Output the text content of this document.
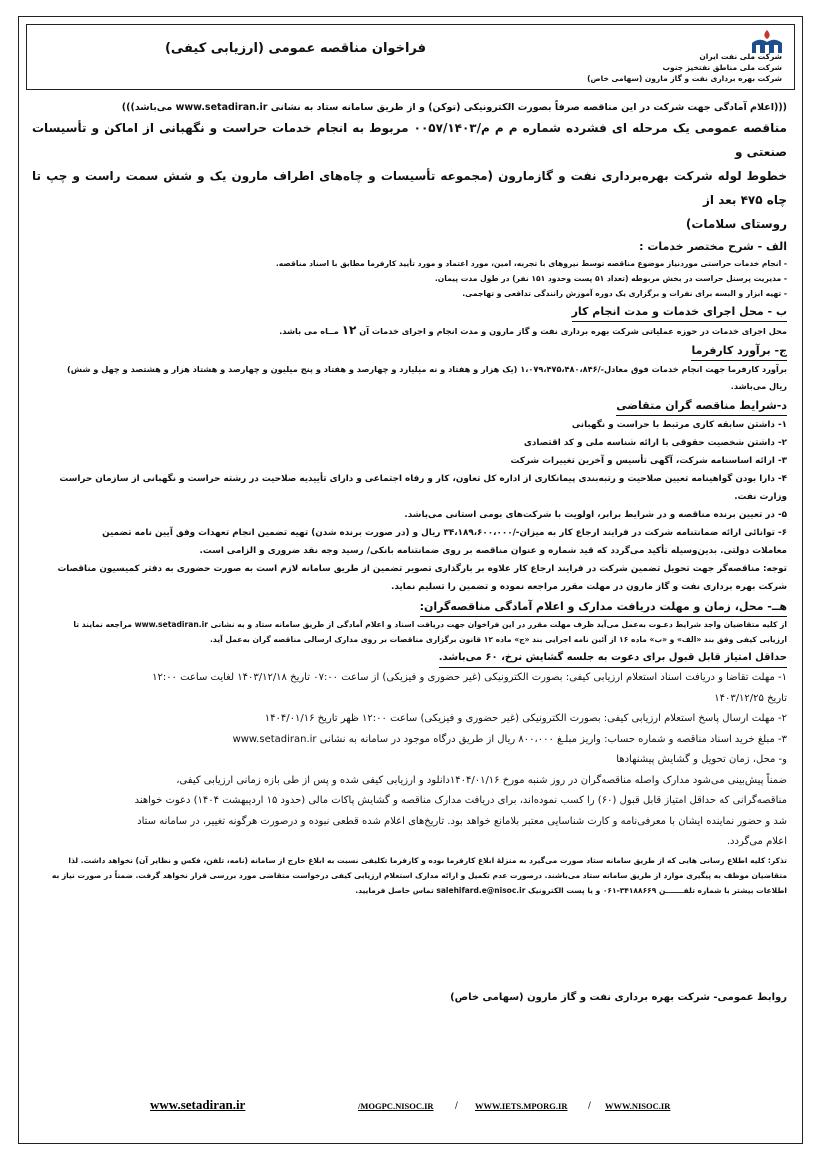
شرکت ملی نفت ایران
شرکت ملی مناطق نفتخیز جنوب
شرکت بهره برداری نفت و گاز مارون (سهامی خاص)
فراخوان مناقصه عمومی (ارزیابی کیفی)

(((اعلام آمادگی جهت شرکت در این مناقصه صرفاً بصورت الکترونیکی (توکن) و از طریق سامانه ستاد به نشانی www.setadiran.ir می‌باشد)))

مناقصه عمومی یک مرحله ای فشرده شماره م م م/۰۰۵۷/۱۴۰۳ مربوط به انجام خدمات حراست و نگهبانی از اماکن و تأسیسات صنعتی و

خطوط لوله شرکت بهره‌برداری نفت و گازمارون (مجموعه تأسیسات و چاه‌های اطراف مارون یک و شش سمت راست و چپ تا چاه ۴۷۵ بعد از

روستای سلامات)

الف - شرح مختصر خدمات :

- انجام خدمات حراستی موردنیاز موضوع مناقصه توسط نیروهای با تجربه، امین، مورد اعتماد و مورد تأیید کارفرما مطابق با اسناد مناقصه.

- مدیریت پرسنل حراست در بخش مربوطه (تعداد ۵۱ پست وحدود ۱۵۱ نفر) در طول مدت پیمان.

- تهیه ابزار و البسه برای نفرات و برگزاری یک دوره آموزش رانندگی تدافعی و تهاجمی.

ب - محل اجرای خدمات و مدت انجام کار

محل اجرای خدمات در حوزه عملیاتی شرکت بهره برداری نفت و گاز مارون و مدت انجام و اجرای خدمات آن ۱۲ مــاه می باشد.

ج- برآورد کارفرما

برآورد کارفرما جهت انجام خدمات فوق معادل-/۱،۰۷۹،۴۷۵،۴۸۰،۸۴۶ (یک هزار و هفتاد و نه میلیارد و چهارصد و هفتاد و پنج میلیون و چهارصد و هشتاد هزار و هشتصد و چهل و شش)

ریال می‌باشد.

د-شرایط مناقصه گران متقاضی

۱- داشتن سابقه کاری مرتبط با حراست و نگهبانی

۲- داشتن شخصیت حقوقی با ارائه شناسه ملی و کد اقتصادی

۳- ارائه اساسنامه شرکت، آگهی تأسیس و آخرین تغییرات شرکت

۴- دارا بودن گواهینامه تعیین صلاحیت و رتبه‌بندی پیمانکاری از اداره کل تعاون، کار و رفاه اجتماعی و دارای تأییدیه صلاحیت در رشته حراست و نگهبانی از سازمان حراست

وزارت نفت.

۵- در تعیین برنده مناقصه و در شرایط برابر، اولویت با شرکت‌های بومی استانی می‌باشد.

۶- توانائی ارائه ضمانتنامه شرکت در فرایند ارجاع کار به میزان-/۳۴،۱۸۹،۶۰۰،۰۰۰ ریال و (در صورت برنده شدن) تهیه تضمین انجام تعهدات وفق آیین نامه تضمین

معاملات دولتی. بدین‌وسیله تأکید می‌گردد که قید شماره و عنوان مناقصه بر روی ضمانتنامه بانکی/ رسید وجه نقد ضروری و الزامی است.

توجه: مناقصه‌گر جهت تحویل تضمین شرکت در فرایند ارجاع کار علاوه بر بارگذاری تصویر تضمین از طریق سامانه لازم است به صورت حضوری به دفتر کمیسیون مناقصات

شرکت بهره برداری نفت و گاز مارون در مهلت مقرر مراجعه نموده و تضمین را تسلیم نماید.

هــ- محل، زمان و مهلت دریافت مدارک و اعلام آمادگی مناقصه‌گران:

از کلیه متقاضیان واجد شرایط دعـوت به‌عمل می‌آید ظرف مهلت مقرر در این فراخوان جهت دریافت اسناد و اعلام آمادگی از طریق سامانه ستاد و به نشانی www.setadiran.ir مراجعه نمایند تا

ارزیابی کیفی وفق بند «الف» و «ب» ماده ۱۶ از آئین نامه اجرایی بند «ج» ماده ۱۲ قانون برگزاری مناقصات بر روی مدارک ارسالی مناقصه گران به‌عمل آید.

حداقل امتیاز قابل قبول برای دعوت به جلسه گشایش نرخ، ۶۰ می‌باشد.

۱- مهلت تقاضا و دریافت اسناد استعلام ارزیابی کیفی: بصورت الکترونیکی (غیر حضوری و فیزیکی) از ساعت ۰۷:۰۰ تاریخ ۱۴۰۳/۱۲/۱۸ لغایت ساعت ۱۲:۰۰

تاریخ ۱۴۰۳/۱۲/۲۵

۲- مهلت ارسال پاسخ استعلام ارزیابی کیفی: بصورت الکترونیکی (غیر حضوری و فیزیکی) ساعت ۱۲:۰۰ ظهر تاریخ ۱۴۰۴/۰۱/۱۶

۳- مبلغ خرید اسناد مناقصه و شماره حساب: واریز مبلـغ ۸۰۰،۰۰۰ ریال از طریق درگاه موجود در سامانه به نشانی www.setadiran.ir

و- محل، زمان تحویل و گشایش پیشنهادها

ضمناً پیش‌بینی می‌شود مدارک واصله مناقصه‌گران در روز شنبه مورخ ۱۴۰۴/۰۱/۱۶دانلود و ارزیابی کیفی شده و پس از طی بازه زمانی ارزیابی کیفی،

مناقصه‌گرانی که حداقل امتیاز قابل قبول (۶۰) را کسب نموده‌اند، برای دریافت مدارک مناقصه و گشایش پاکات مالی (حدود ۱۵ اردیبهشت ۱۴۰۴) دعوت خواهند

شد و حضور نماینده ایشان با معرفی‌نامه و کارت شناسایی معتبر بلامانع خواهد بود. تاریخ‌های اعلام شده قطعی نبوده و درصورت هرگونه تغییر، در سامانه ستاد

اعلام می‌گردد.

تذکر: کلیه اطلاع رسانی هایی که از طریق سامانه ستاد صورت می‌گیرد به منزلهٔ ابلاغ کارفرما بوده و کارفرما تکلیفی نسبت به ابلاغ خارج از سامانه (نامه، تلفن، فکس و نظایر آن) نخواهد داشت. لذا

متقاضیان موظف به پیگیری موارد از طریق سامانه ستاد می‌باشند. درصورت عدم تکمیل و ارائه مدارک استعلام ارزیابی کیفی درخواست متقاضی مورد بررسی قرار نخواهد گرفت. ضمناً در صورت نیاز به

اطلاعات بیشتر با شماره تلفـــــــن ۳۴۱۸۸۶۶۹-۰۶۱ و یا پست الکترونیک salehifard.e@nisoc.ir تماس حاصل فرمایید.

روابط عمومی- شرکت بهره برداری نفت و گاز مارون (سهامی خاص)
www.setadiran.ir	/MOGPC.NISOC.IR	/ WWW.IETS.MPORG.IR / WWW.NISOC.IR
